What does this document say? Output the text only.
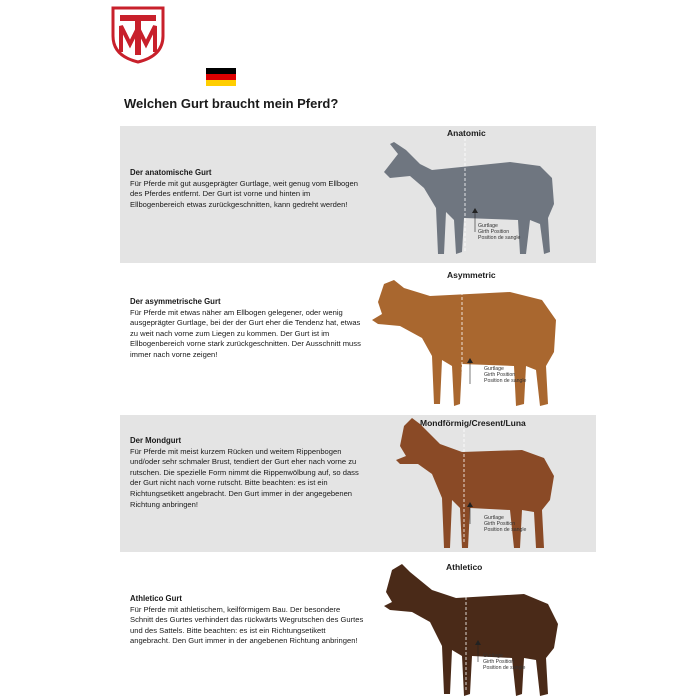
Welchen Gurt braucht mein Pferd?
Anatomic

Der anatomische Gurt

Für Pferde mit gut ausgeprägter Gurtlage, weit genug vom Ellbogen des Pferdes entfernt. Der Gurt ist vorne und hinten im Ellbogenbereich etwas zurückgeschnitten, kann gedreht werden!

Asymmetric

Der asymmetrische Gurt

Für Pferde mit etwas näher am Ellbogen gelegener, oder wenig ausgeprägter Gurtlage, bei der der Gurt eher die Tendenz hat, etwas zu weit nach vorne zum Liegen zu kommen. Der Gurt ist im Ellbogenbereich vorne stark zurückgeschnitten. Der Ausschnitt muss immer nach vorne zeigen!

Mondförmig/Cresent/Luna

Der Mondgurt

Für Pferde mit meist kurzem Rücken und weitem Rippenbogen und/oder sehr schmaler Brust, tendiert der Gurt eher nach vorne zu rutschen. Die spezielle Form nimmt die Rippenwölbung auf, so dass der Gurt nicht nach vorne rutscht. Bitte beachten: es ist ein Richtungsetikett angebracht. Den Gurt immer in der angegebenen Richtung anbringen!

Athletico

Athletico Gurt

Für Pferde mit athletischem, keilförmigem Bau. Der besondere Schnitt des Gurtes verhindert das rückwärts Wegrutschen des Gurtes und des Sattels. Bitte beachten: es ist ein Richtungsetikett angebracht. Den Gurt immer in der angebenen Richtung anbringen!

Gurtlage
Girth Position
Position de sangle
Gurtlage
Girth Position
Position de sangle
Gurtlage
Girth Position
Position de sangle
Gurtlage
Girth Position
Position de sangle
